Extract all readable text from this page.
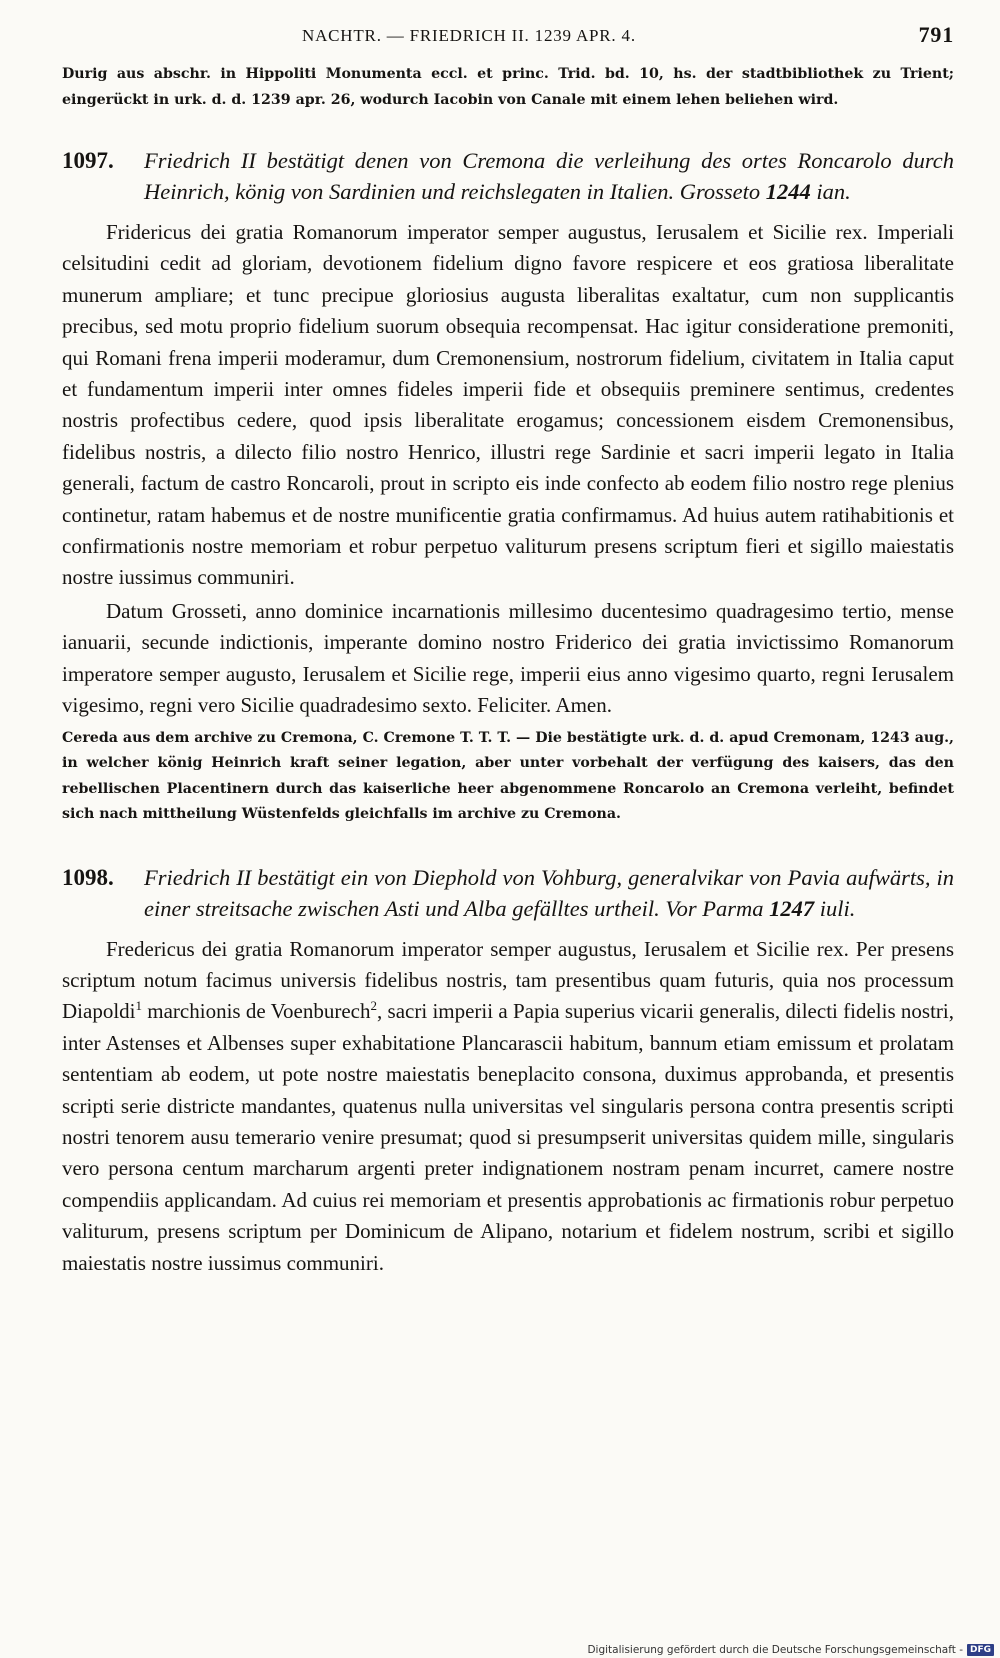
NACHTR. — FRIEDRICH II. 1239 APR. 4.	791

Durig aus abschr. in Hippoliti Monumenta eccl. et princ. Trid. bd. 10, hs. der stadtbibliothek zu Trient; eingerückt in urk. d. d. 1239 apr. 26, wodurch Iacobin von Canale mit einem lehen beliehen wird.

1097. Friedrich II bestätigt denen von Cremona die verleihung des ortes Roncarolo durch Heinrich, könig von Sardinien und reichslegaten in Italien. Grosseto 1244 ian.

Fridericus dei gratia Romanorum imperator semper augustus, Ierusalem et Sicilie rex. Imperiali celsitudini cedit ad gloriam, devotionem fidelium digno favore respicere et eos gratiosa liberalitate munerum ampliare; et tunc precipue gloriosius augusta liberalitas exaltatur, cum non supplicantis precibus, sed motu proprio fidelium suorum obsequia recompensat. Hac igitur consideratione premoniti, qui Romani frena imperii moderamur, dum Cremonensium, nostrorum fidelium, civitatem in Italia caput et fundamentum imperii inter omnes fideles imperii fide et obsequiis preminere sentimus, credentes nostris profectibus cedere, quod ipsis liberalitate erogamus; concessionem eisdem Cremonensibus, fidelibus nostris, a dilecto filio nostro Henrico, illustri rege Sardinie et sacri imperii legato in Italia generali, factum de castro Roncaroli, prout in scripto eis inde confecto ab eodem filio nostro rege plenius continetur, ratam habemus et de nostre munificentie gratia confirmamus. Ad huius autem ratihabitionis et confirmationis nostre memoriam et robur perpetuo valiturum presens scriptum fieri et sigillo maiestatis nostre iussimus communiri.

Datum Grosseti, anno dominice incarnationis millesimo ducentesimo quadragesimo tertio, mense ianuarii, secunde indictionis, imperante domino nostro Friderico dei gratia invictissimo Romanorum imperatore semper augusto, Ierusalem et Sicilie rege, imperii eius anno vigesimo quarto, regni Ierusalem vigesimo, regni vero Sicilie quadradesimo sexto. Feliciter. Amen.

Cereda aus dem archive zu Cremona, C. Cremone T. T. T. — Die bestätigte urk. d. d. apud Cremonam, 1243 aug., in welcher könig Heinrich kraft seiner legation, aber unter vorbehalt der verfügung des kaisers, das den rebellischen Placentinern durch das kaiserliche heer abgenommene Roncarolo an Cremona verleiht, befindet sich nach mittheilung Wüstenfelds gleichfalls im archive zu Cremona.

1098. Friedrich II bestätigt ein von Diephold von Vohburg, generalvikar von Pavia aufwärts, in einer streitsache zwischen Asti und Alba gefälltes urtheil. Vor Parma 1247 iuli.

Fredericus dei gratia Romanorum imperator semper augustus, Ierusalem et Sicilie rex. Per presens scriptum notum facimus universis fidelibus nostris, tam presentibus quam futuris, quia nos processum Diapoldi$^1$ marchionis de Voenburech$^2$, sacri imperii a Papia superius vicarii generalis, dilecti fidelis nostri, inter Astenses et Albenses super exhabitatione Plancarascii habitum, bannum etiam emissum et prolatam sententiam ab eodem, ut pote nostre maiestatis beneplacito consona, duximus approbanda, et presentis scripti serie districte mandantes, quatenus nulla universitas vel singularis persona contra presentis scripti nostri tenorem ausu temerario venire presumat; quod si presumpserit universitas quidem mille, singularis vero persona centum marcharum argenti preter indignationem nostram penam incurret, camere nostre compendiis applicandam. Ad cuius rei memoriam et presentis approbationis ac firmationis robur perpetuo valiturum, presens scriptum per Dominicum de Alipano, notarium et fidelem nostrum, scribi et sigillo maiestatis nostre iussimus communiri.

Digitalisierung gefördert durch die Deutsche Forschungsgemeinschaft - DFG
